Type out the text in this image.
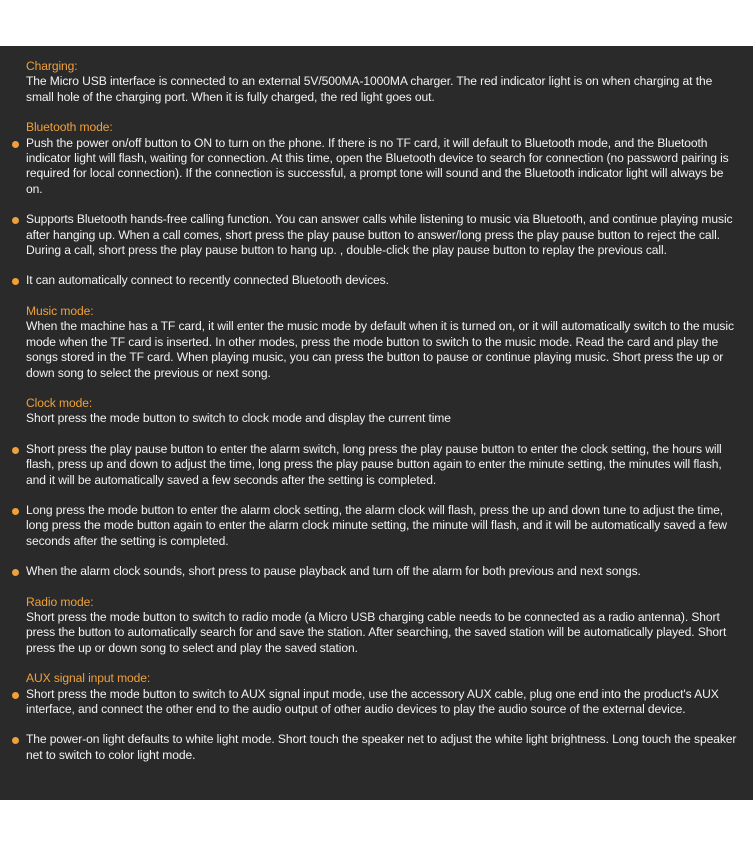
Charging:
The Micro USB interface is connected to an external 5V/500MA-1000MA charger. The red indicator light is on when charging at the small hole of the charging port. When it is fully charged, the red light goes out.
Bluetooth mode:
Push the power on/off button to ON to turn on the phone. If there is no TF card, it will default to Bluetooth mode, and the Bluetooth indicator light will flash, waiting for connection. At this time, open the Bluetooth device to search for connection (no password pairing is required for local connection). If the connection is successful, a prompt tone will sound and the Bluetooth indicator light will always be on.
Supports Bluetooth hands-free calling function. You can answer calls while listening to music via Bluetooth, and continue playing music after hanging up. When a call comes, short press the play pause button to answer/long press the play pause button to reject the call. During a call, short press the play pause button to hang up. , double-click the play pause button to replay the previous call.
It can automatically connect to recently connected Bluetooth devices.
Music mode:
When the machine has a TF card, it will enter the music mode by default when it is turned on, or it will automatically switch to the music mode when the TF card is inserted. In other modes, press the mode button to switch to the music mode. Read the card and play the songs stored in the TF card. When playing music, you can press the button to pause or continue playing music. Short press the up or down song to select the previous or next song.
Clock mode:
Short press the mode button to switch to clock mode and display the current time
Short press the play pause button to enter the alarm switch, long press the play pause button to enter the clock setting, the hours will flash, press up and down to adjust the time, long press the play pause button again to enter the minute setting, the minutes will flash, and it will be automatically saved a few seconds after the setting is completed.
Long press the mode button to enter the alarm clock setting, the alarm clock will flash, press the up and down tune to adjust the time, long press the mode button again to enter the alarm clock minute setting, the minute will flash, and it will be automatically saved a few seconds after the setting is completed.
When the alarm clock sounds, short press to pause playback and turn off the alarm for both previous and next songs.
Radio mode:
Short press the mode button to switch to radio mode (a Micro USB charging cable needs to be connected as a radio antenna). Short press the button to automatically search for and save the station. After searching, the saved station will be automatically played. Short press the up or down song to select and play the saved station.
AUX signal input mode:
Short press the mode button to switch to AUX signal input mode, use the accessory AUX cable, plug one end into the product's AUX interface, and connect the other end to the audio output of other audio devices to play the audio source of the external device.
The power-on light defaults to white light mode. Short touch the speaker net to adjust the white light brightness. Long touch the speaker net to switch to color light mode.
